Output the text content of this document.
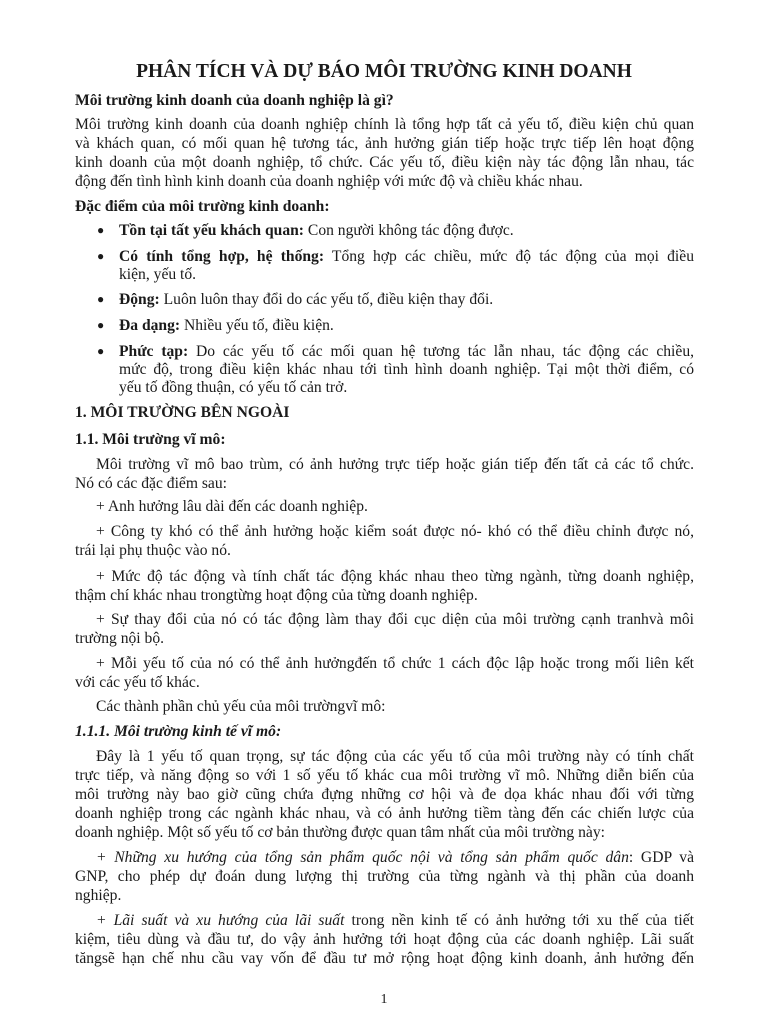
PHÂN TÍCH VÀ DỰ BÁO MÔI TRƯỜNG KINH DOANH
Môi trường kinh doanh của doanh nghiệp là gì?
Môi trường kinh doanh của doanh nghiệp chính là tổng hợp tất cả yếu tố, điều kiện chủ quan
và khách quan, có mối quan hệ tương tác, ảnh hưởng gián tiếp hoặc trực tiếp lên hoạt động
kinh doanh của một doanh nghiệp, tổ chức. Các yếu tố, điều kiện này tác động lẫn nhau, tác
động đến tình hình kinh doanh của doanh nghiệp với mức độ và chiều khác nhau.
Đặc điểm của môi trường kinh doanh:
● Tồn tại tất yếu khách quan: Con người không tác động được.
● Có tính tổng hợp, hệ thống: Tổng hợp các chiều, mức độ tác động của mọi điều
kiện, yếu tố.
● Động: Luôn luôn thay đổi do các yếu tố, điều kiện thay đổi.
● Đa dạng: Nhiều yếu tố, điều kiện.
● Phức tạp: Do các yếu tố các mối quan hệ tương tác lẫn nhau, tác động các chiều,
mức độ, trong điều kiện khác nhau tới tình hình doanh nghiệp. Tại một thời điểm, có
yếu tố đồng thuận, có yếu tố cản trở.
1. MÔI TRƯỜNG BÊN NGOÀI
1.1. Môi trường vĩ mô:
Môi trường vĩ mô bao trùm, có ảnh hưởng trực tiếp hoặc gián tiếp đến tất cả các tổ chức.
Nó có các đặc điểm sau:
+ Anh hưởng lâu dài đến các doanh nghiệp.
+ Công ty khó có thể ảnh hưởng hoặc kiểm soát được nó- khó có thể điều chỉnh được nó,
trái lại phụ thuộc vào nó.
+ Mức độ tác động và tính chất tác động khác nhau theo từng ngành, từng doanh nghiệp,
thậm chí khác nhau trongtừng hoạt động của từng doanh nghiệp.
+ Sự thay đổi của nó có tác động làm thay đổi cục diện của môi trường cạnh tranhvà môi
trường nội bộ.
+ Mỗi yếu tố của nó có thể ảnh hưởngđến tổ chức 1 cách độc lập hoặc trong mối liên kết
với các yếu tố khác.
Các thành phần chủ yếu của môi trườngvĩ mô:
1.1.1. Môi trường kinh tế vĩ mô:
Đây là 1 yếu tố quan trọng, sự tác động của các yếu tố của môi trường này có tính chất
trực tiếp, và năng động so với 1 số yếu tố khác cua môi trường vĩ mô. Những diễn biến của
môi trường này bao giờ cũng chứa đựng những cơ hội và đe dọa khác nhau đối với từng
doanh nghiệp trong các ngành khác nhau, và có ảnh hưởng tiềm tàng đến các chiến lược của
doanh nghiệp. Một số yếu tố cơ bản thường được quan tâm nhất của môi trường này:
+ Những xu hướng của tổng sản phẩm quốc nội và tổng sản phẩm quốc dân: GDP và
GNP, cho phép dự đoán dung lượng thị trường của từng ngành và thị phần của doanh
nghiệp.
+ Lãi suất và xu hướng của lãi suất trong nền kinh tế có ảnh hưởng tới xu thế của tiết
kiệm, tiêu dùng và đầu tư, do vậy ảnh hưởng tới hoạt động của các doanh nghiệp. Lãi suất
tăngsẽ hạn chế nhu cầu vay vốn để đầu tư mở rộng hoạt động kinh doanh, ảnh hưởng đến
1
